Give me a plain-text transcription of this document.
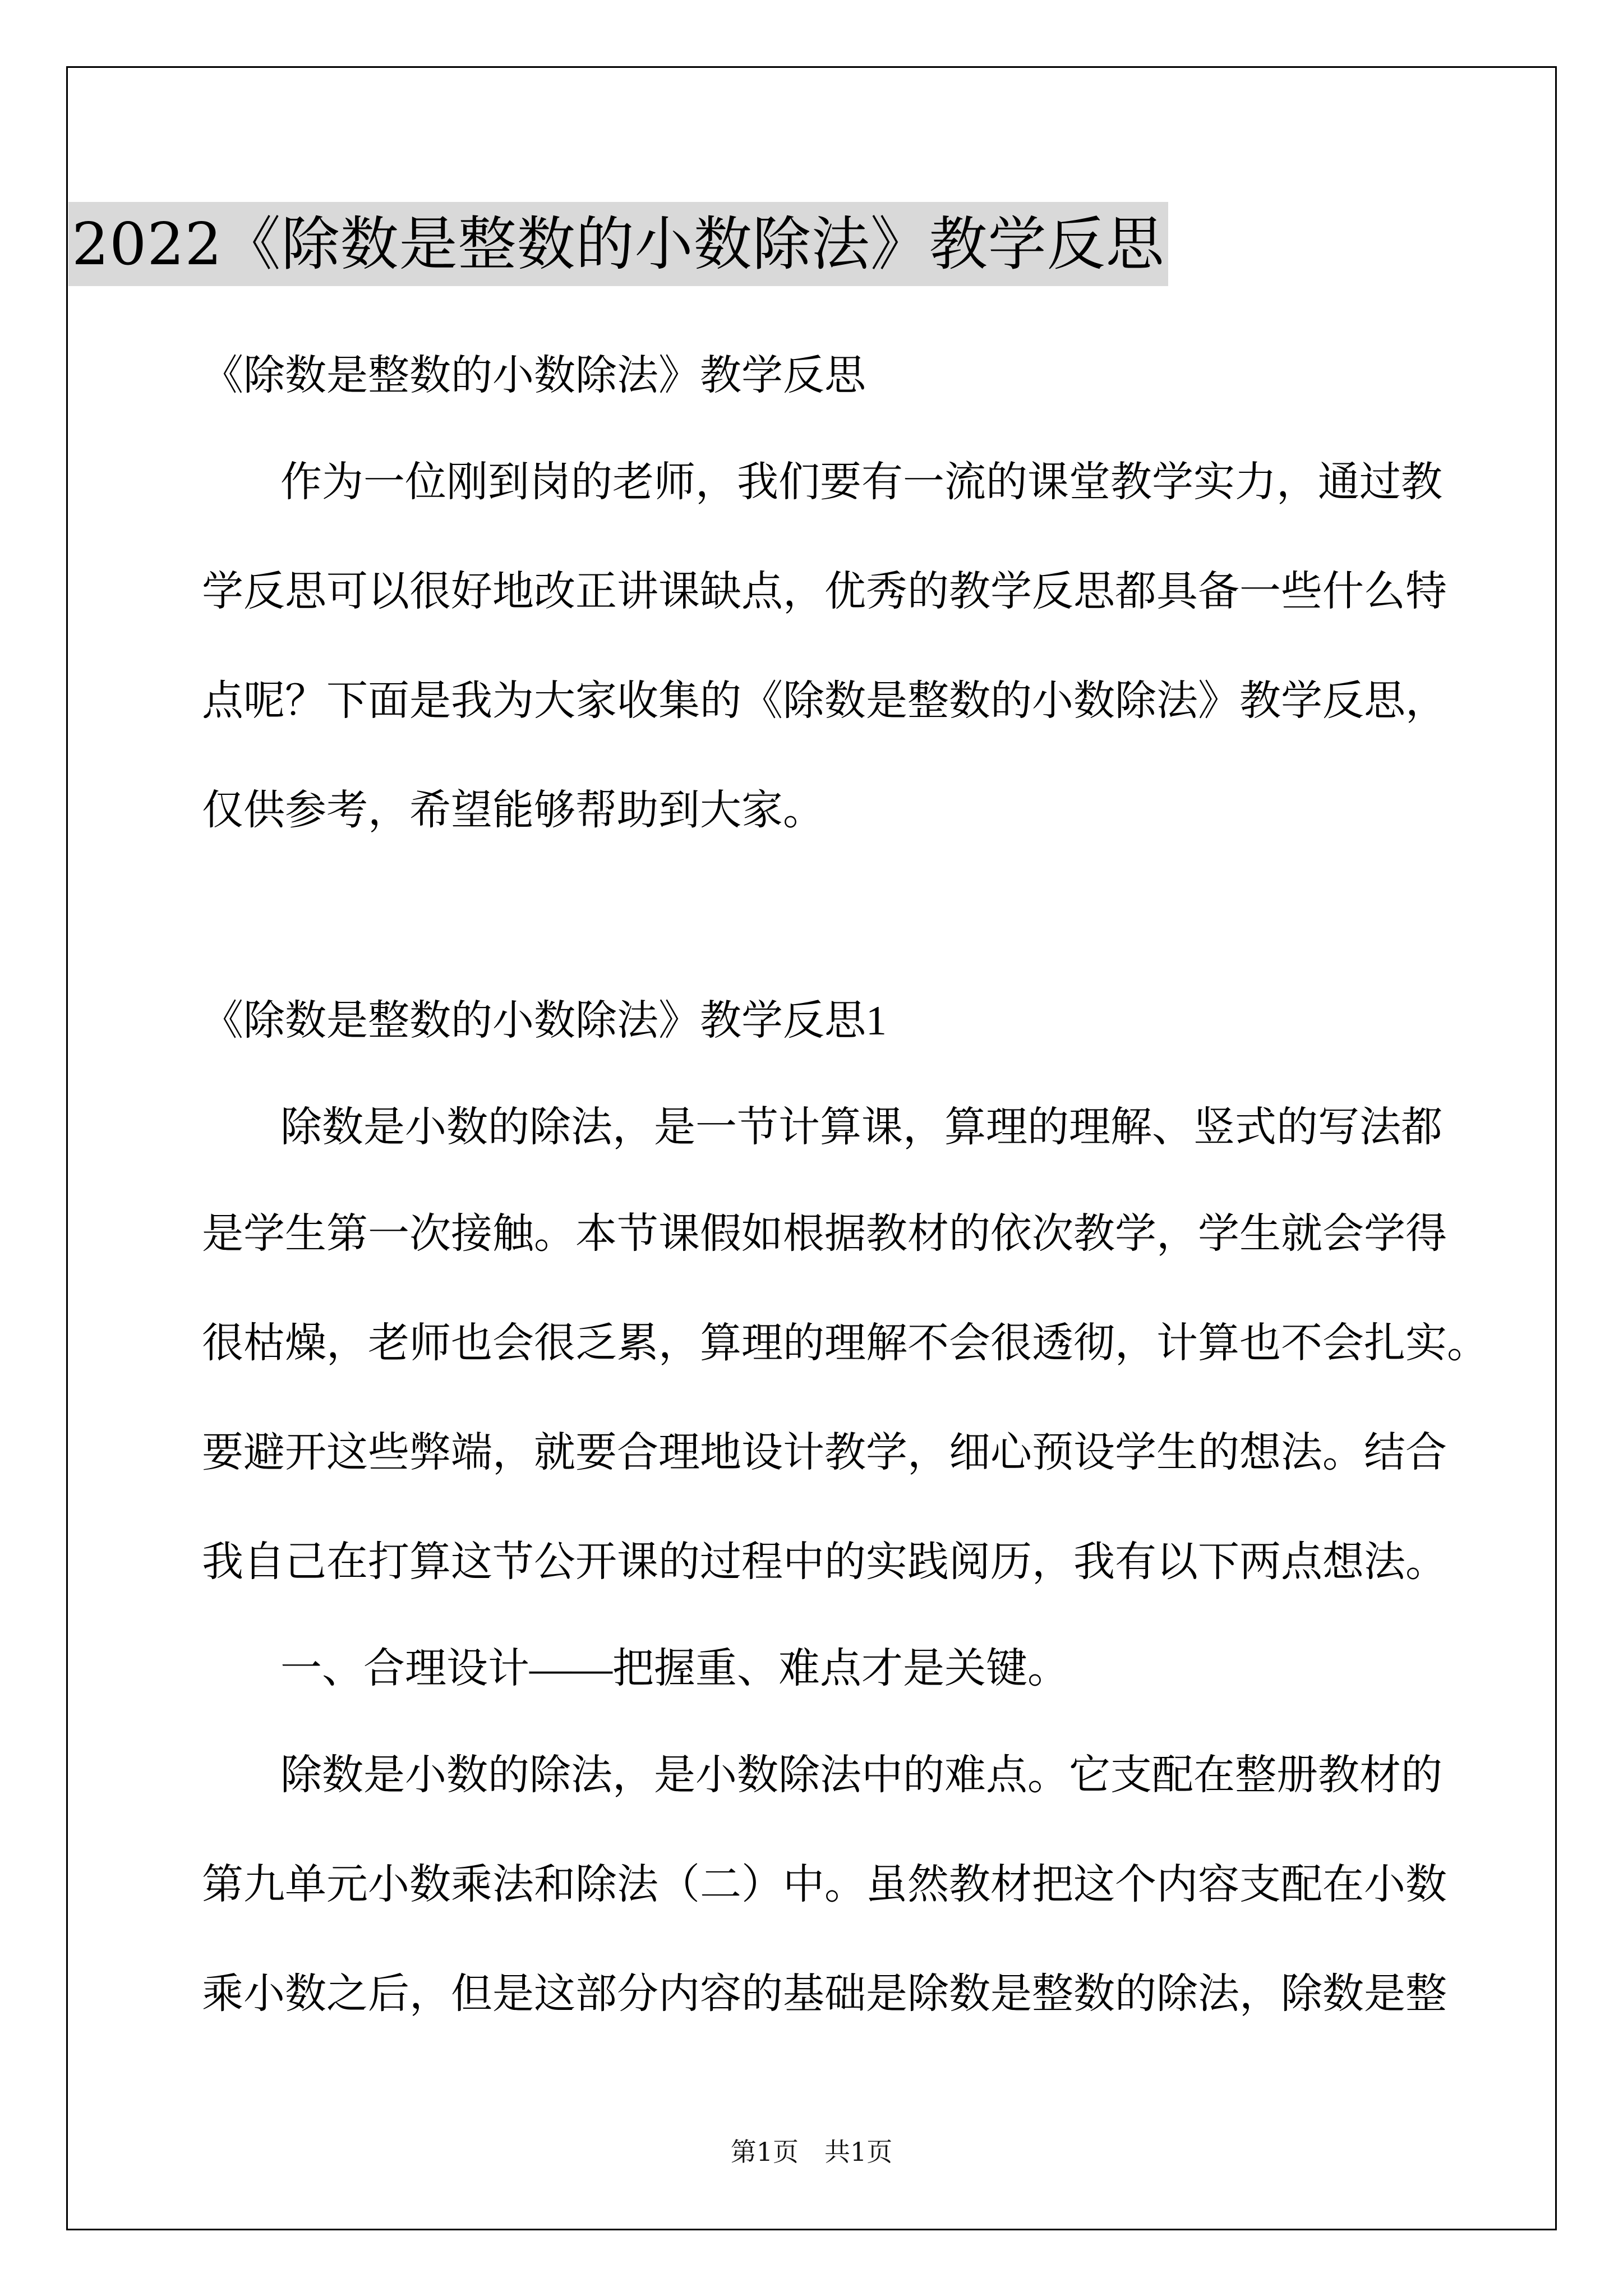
2022《除数是整数的小数除法》教学反思
《除数是整数的小数除法》教学反思
作为一位刚到岗的老师，我们要有一流的课堂教学实力，通过教
学反思可以很好地改正讲课缺点，优秀的教学反思都具备一些什么特
点呢？下面是我为大家收集的《除数是整数的小数除法》教学反思，
仅供参考，希望能够帮助到大家。
《除数是整数的小数除法》教学反思1
除数是小数的除法，是一节计算课，算理的理解、竖式的写法都
是学生第一次接触。本节课假如根据教材的依次教学，学生就会学得
很枯燥，老师也会很乏累，算理的理解不会很透彻，计算也不会扎实。
要避开这些弊端，就要合理地设计教学，细心预设学生的想法。结合
我自己在打算这节公开课的过程中的实践阅历，我有以下两点想法。
一、合理设计——把握重、难点才是关键。
除数是小数的除法，是小数除法中的难点。它支配在整册教材的
第九单元小数乘法和除法（二）中。虽然教材把这个内容支配在小数
乘小数之后，但是这部分内容的基础是除数是整数的除法，除数是整
第1页　共1页
